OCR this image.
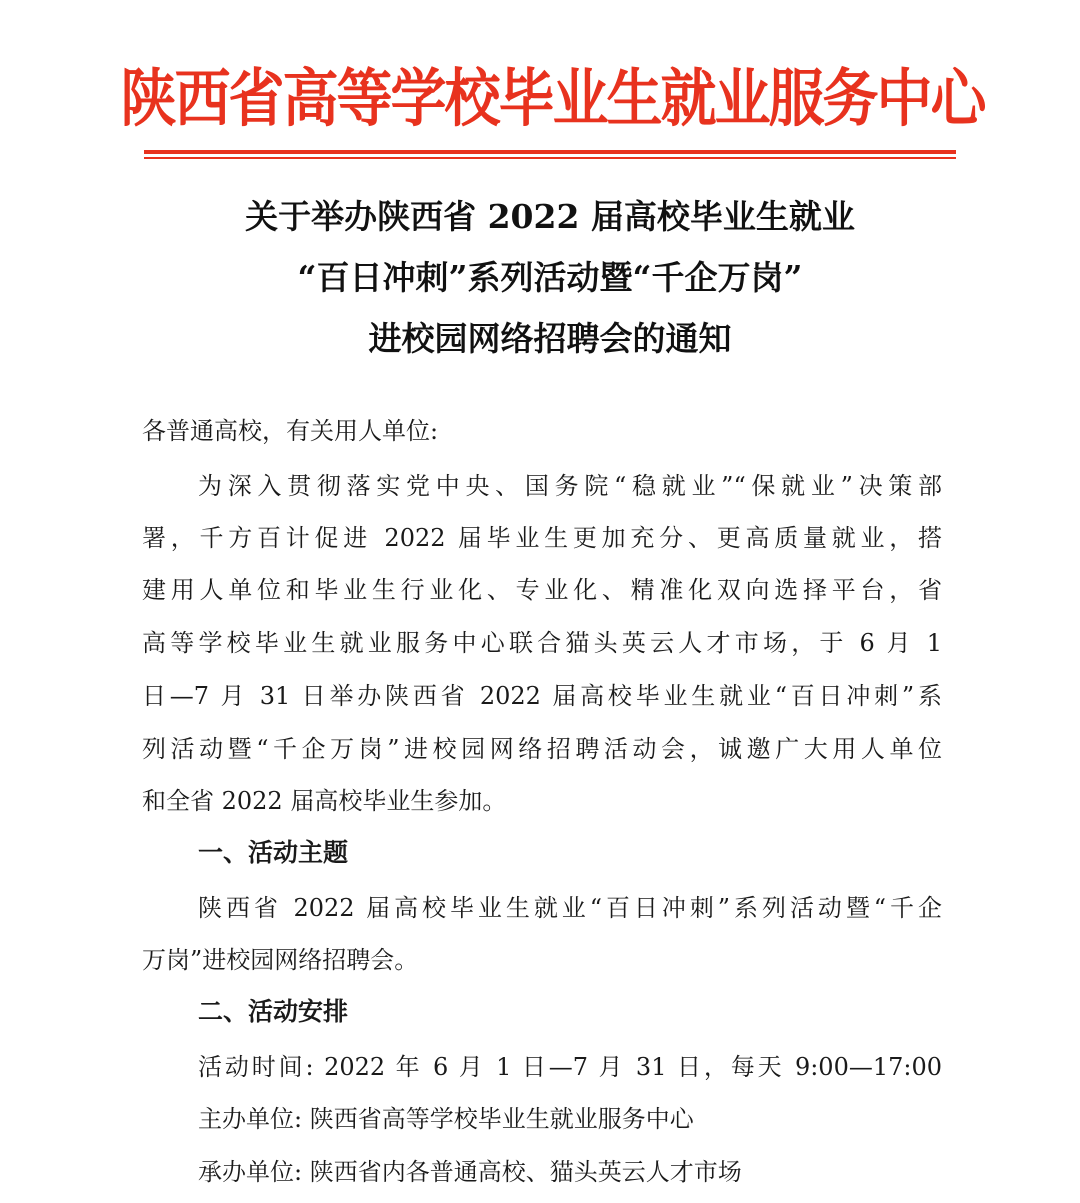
陕西省高等学校毕业生就业服务中心
关于举办陕西省 2022 届高校毕业生就业
“百日冲刺”系列活动暨“千企万岗”
进校园网络招聘会的通知
各普通高校，有关用人单位:
为深入贯彻落实党中央、国务院“稳就业”“保就业”决策部
署，千方百计促进 2022 届毕业生更加充分、更高质量就业，搭
建用人单位和毕业生行业化、专业化、精准化双向选择平台，省
高等学校毕业生就业服务中心联合猫头英云人才市场，于 6 月 1
日—7 月 31 日举办陕西省 2022 届高校毕业生就业“百日冲刺”系
列活动暨“千企万岗”进校园网络招聘活动会，诚邀广大用人单位
和全省 2022 届高校毕业生参加。
一、活动主题
陕西省 2022 届高校毕业生就业“百日冲刺”系列活动暨“千企
万岗”进校园网络招聘会。
二、活动安排
活动时间: 2022 年 6 月 1 日—7 月 31 日，每天 9:00—17:00
主办单位: 陕西省高等学校毕业生就业服务中心
承办单位: 陕西省内各普通高校、猫头英云人才市场
